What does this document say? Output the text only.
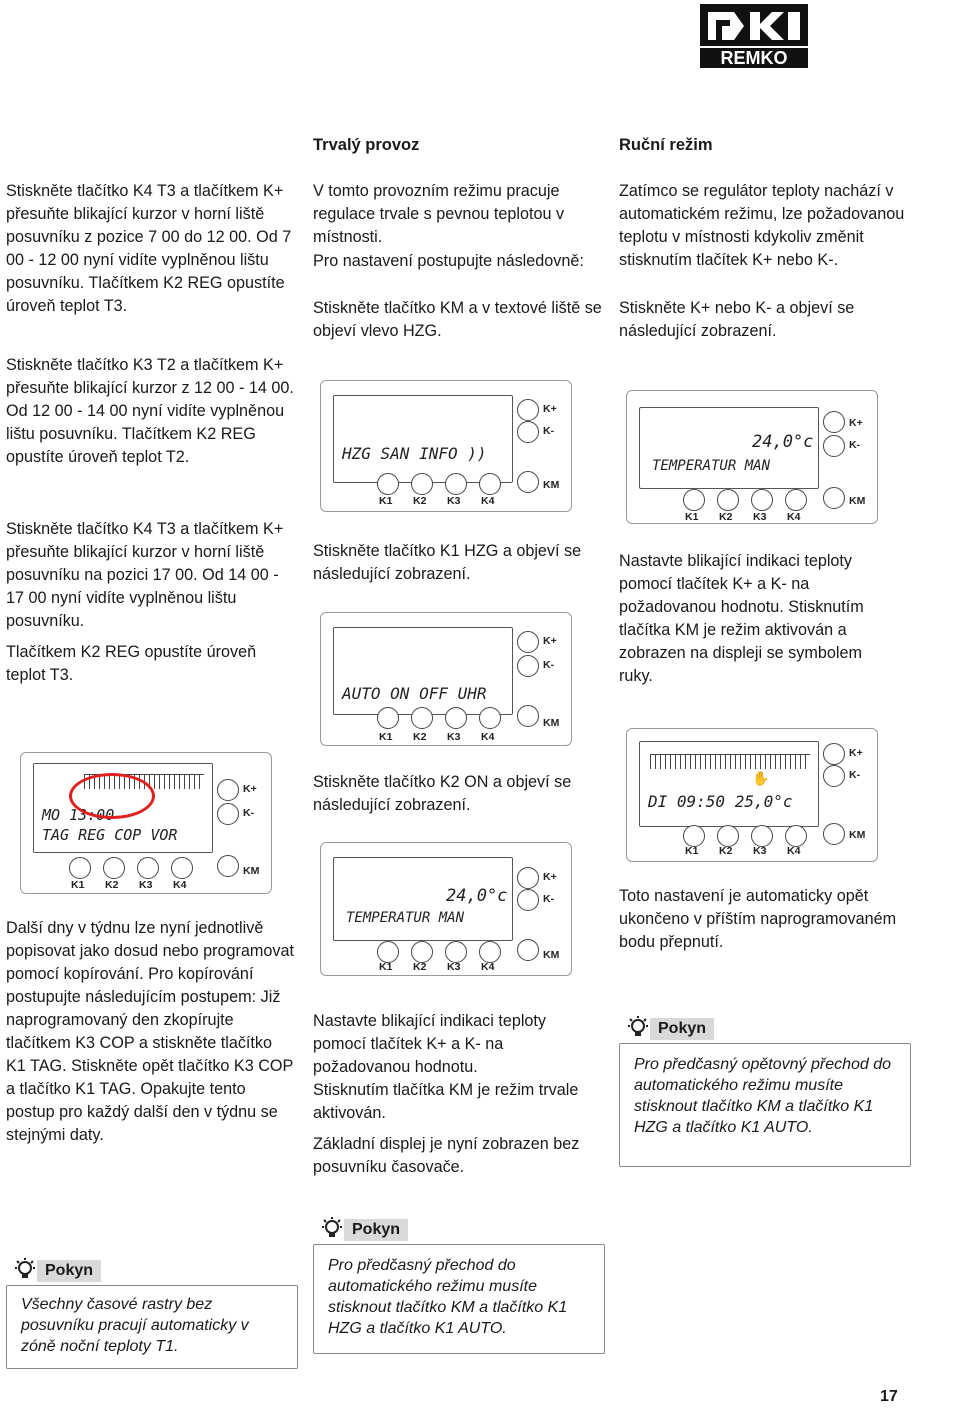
REMKO
Trvalý provoz	Ruční režim

Stiskněte tlačítko K4 T3 a tlačítkem K+ přesuňte blikající kurzor v horní liště posuvníku z pozice 7 00 do 12 00. Od 7 00 - 12 00 nyní vidíte vyplněnou lištu posuvníku. Tlačítkem K2 REG opustíte úroveň teplot T3.

Stiskněte tlačítko K3 T2 a tlačítkem K+ přesuňte blikající kurzor z 12 00 - 14 00. Od 12 00 - 14 00 nyní vidíte vyplněnou lištu posuvníku. Tlačítkem K2 REG opustíte úroveň teplot T2.

Stiskněte tlačítko K4 T3 a tlačítkem K+ přesuňte blikající kurzor v horní liště posuvníku na pozici 17 00. Od 14 00 - 17 00 nyní vidíte vyplněnou lištu posuvníku.

Tlačítkem K2 REG opustíte úroveň teplot T3.

V tomto provozním režimu pracuje regulace trvale s pevnou teplotou v místnosti.

Pro nastavení postupujte následovně:

Stiskněte tlačítko KM a v textové liště se objeví vlevo HZG.

Zatímco se regulátor teploty nachází v automatickém režimu, lze požadovanou teplotu v místnosti kdykoliv změnit stisknutím tlačítek K+ nebo K-.

Stiskněte K+ nebo K- a objeví se následující zobrazení.

HZG SAN INFO ))
K+
K-
KM
K1 K2 K3 K4

Stiskněte tlačítko K1 HZG a objeví se následující zobrazení.

AUTO ON OFF UHR
K+
K-
KM
K1 K2 K3 K4
24,0°c
TEMPERATUR MAN
K+
K-
KM
K1 K2 K3 K4

Nastavte blikající indikaci teploty pomocí tlačítek K+ a K- na požadovanou hodnotu. Stisknutím tlačítka KM je režim aktivován a zobrazen na displeji se symbolem ruky.

MO 13:00
TAG REG COP VOR
K+
K-
KM
K1 K2 K3 K4

Stiskněte tlačítko K2 ON a objeví se následující zobrazení.

✋
DI 09:50 25,0°c
K+
K-
KM
K1 K2 K3 K4
24,0°c
TEMPERATUR MAN
K+
K-
KM
K1 K2 K3 K4

Toto nastavení je automaticky opět ukončeno v příštím naprogramovaném bodu přepnutí.

Další dny v týdnu lze nyní jednotlivě popisovat jako dosud nebo programovat pomocí kopírování. Pro kopírování postupujte následujícím postupem: Již naprogramovaný den zkopírujte tlačítkem K3 COP a stiskněte tlačítko K1 TAG. Stiskněte opět tlačítko K3 COP a tlačítko K1 TAG. Opakujte tento postup pro každý další den v týdnu se stejnými daty.

Nastavte blikající indikaci teploty pomocí tlačítek K+ a K- na požadovanou hodnotu.

Stisknutím tlačítka KM je režim trvale aktivován.

Základní displej je nyní zobrazen bez posuvníku časovače.

Pokyn
Pro předčasný opětovný přechod do automatického režimu musíte stisknout tlačítko KM a tlačítko K1 HZG a tlačítko K1 AUTO.
Pokyn
Pro předčasný přechod do automatického režimu musíte stisknout tlačítko KM a tlačítko K1 HZG a tlačítko K1 AUTO.
Pokyn
Všechny časové rastry bez posuvníku pracují automaticky v zóně noční teploty T1.
17
